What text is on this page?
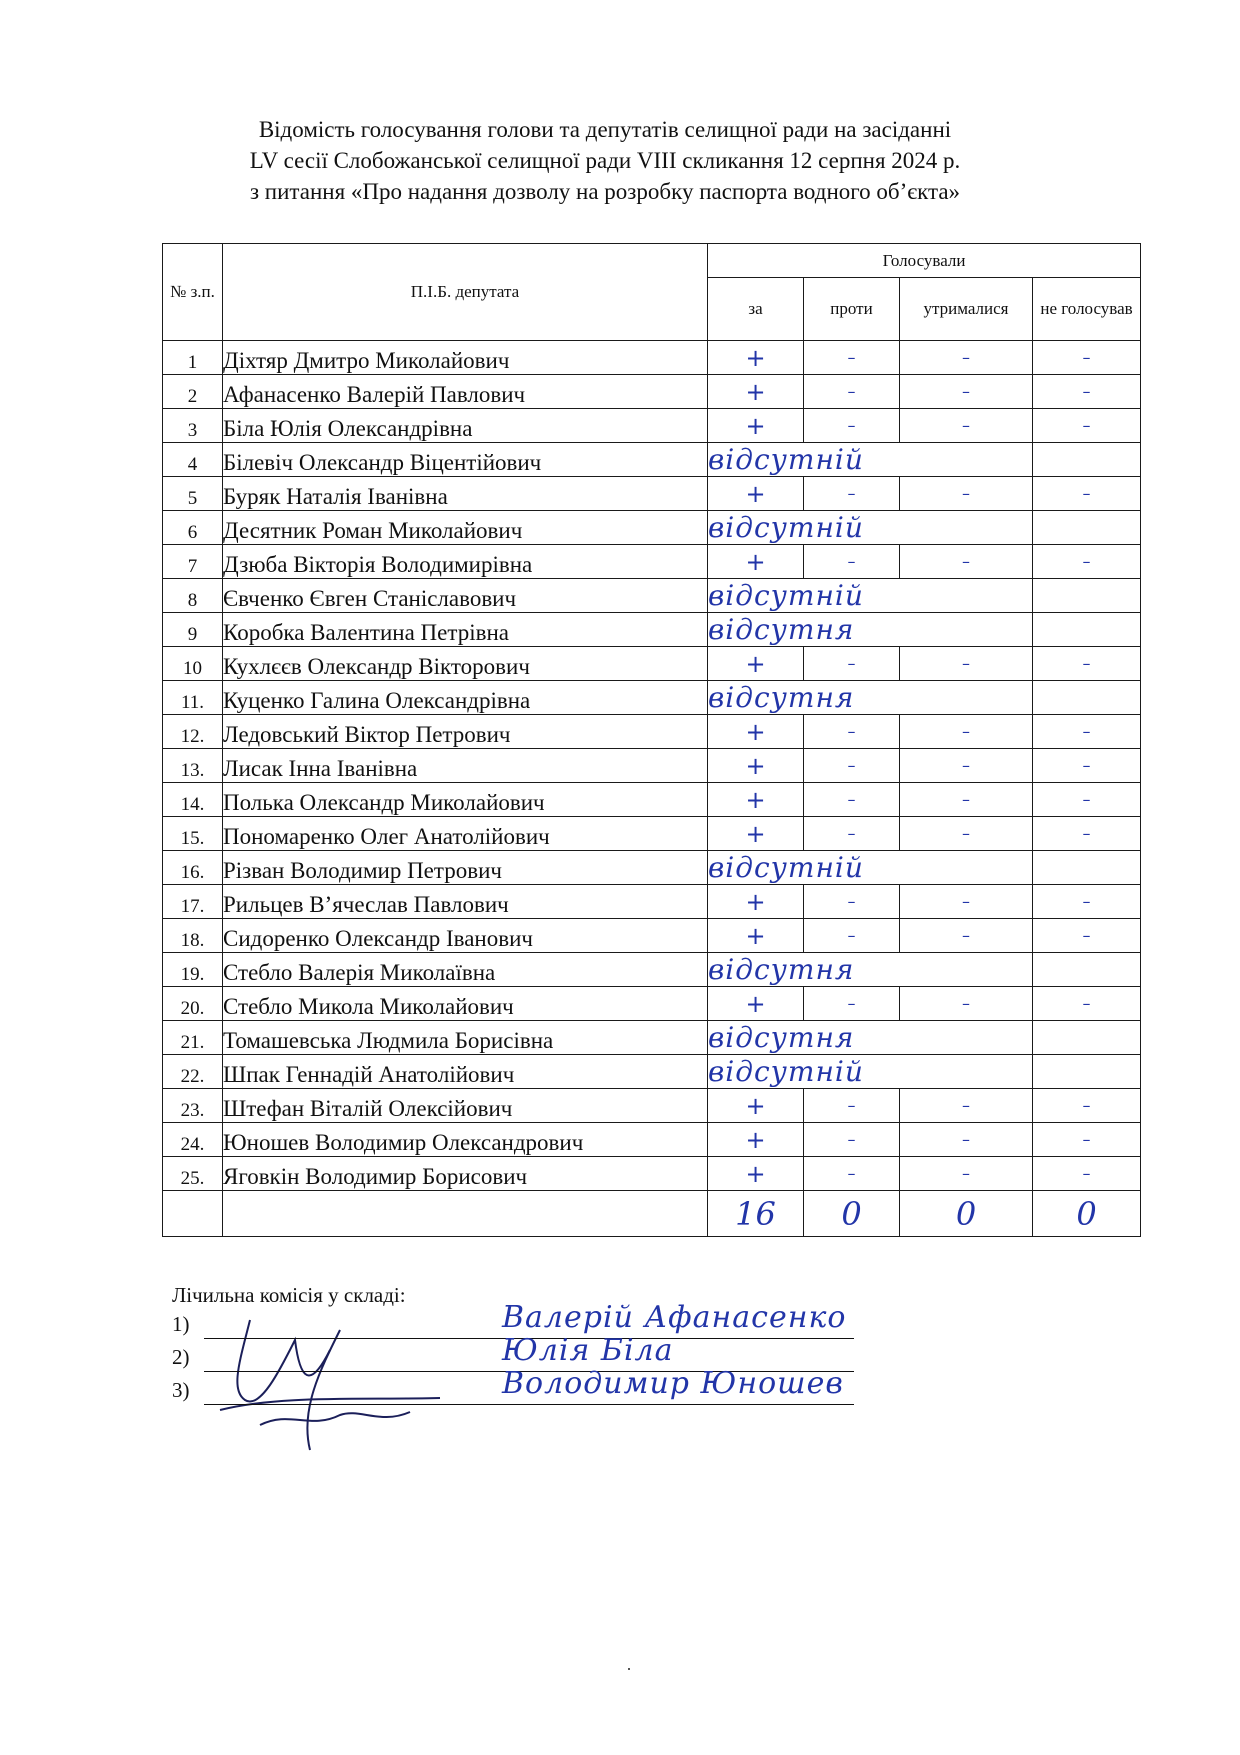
Відомість голосування голови та депутатів селищної ради на засіданні
LV сесії Слобожанської селищної ради VIII скликання 12 серпня 2024 р.
з питання «Про надання дозволу на розробку паспорта водного об’єкта»
№ з.п.	П.І.Б. депутата	Голосували			
		за	проти	утрималися	не голосував
1	Діхтяр Дмитро Миколайович	+	–	–	–
2	Афанасенко Валерій Павлович	+	–	–	–
3	Біла Юлія Олександрівна	+	–	–	–
4	Білевіч Олександр Віцентійович	відсутній			
5	Буряк Наталія Іванівна	+	–	–	–
6	Десятник Роман Миколайович	відсутній			
7	Дзюба Вікторія Володимирівна	+	–	–	–
8	Євченко Євген Станіславович	відсутній			
9	Коробка Валентина Петрівна	відсутня			
10	Кухлєєв Олександр Вікторович	+	–	–	–
11.	Куценко Галина Олександрівна	відсутня			
12.	Ледовський Віктор Петрович	+	–	–	–
13.	Лисак Інна Іванівна	+	–	–	–
14.	Полька Олександр Миколайович	+	–	–	–
15.	Пономаренко Олег Анатолійович	+	–	–	–
16.	Різван Володимир Петрович	відсутній			
17.	Рильцев В’ячеслав Павлович	+	–	–	–
18.	Сидоренко Олександр Іванович	+	–	–	–
19.	Стебло Валерія Миколаївна	відсутня			
20.	Стебло Микола Миколайович	+	–	–	–
21.	Томашевська Людмила Борисівна	відсутня			
22.	Шпак Геннадій Анатолійович	відсутній			
23.	Штефан Віталій Олексійович	+	–	–	–
24.	Юношев Володимир Олександрович	+	–	–	–
25.	Яговкін Володимир Борисович	+	–	–	–
		16	0	0	0
Лічильна комісія у складі:
1)	Валерій Афанасенко
2)	Юлія Біла
3)	Володимир Юношев
